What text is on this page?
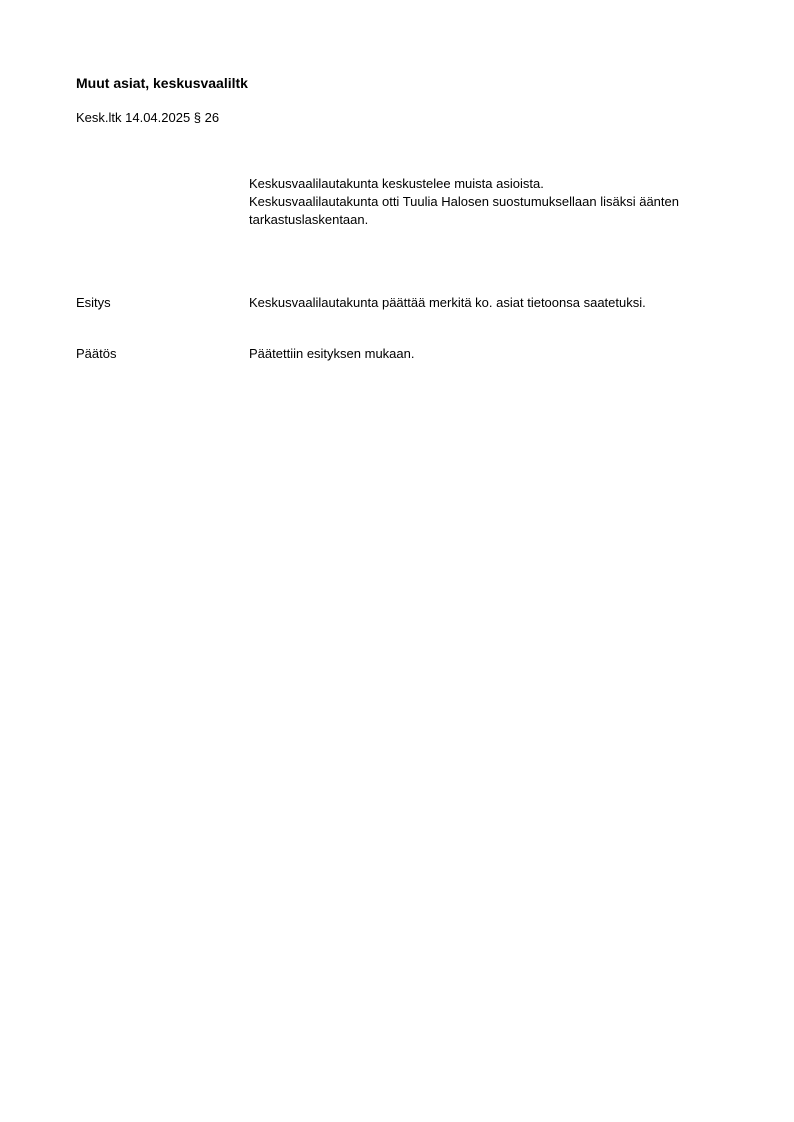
Muut asiat, keskusvaaliltk
Kesk.ltk 14.04.2025 § 26
Keskusvaalilautakunta keskustelee muista asioista.
Keskusvaalilautakunta otti Tuulia Halosen suostumuksellaan lisäksi äänten tarkastuslaskentaan.
Esitys	Keskusvaalilautakunta päättää merkitä ko. asiat tietoonsa saatetuksi.
Päätös	Päätettiin esityksen mukaan.
